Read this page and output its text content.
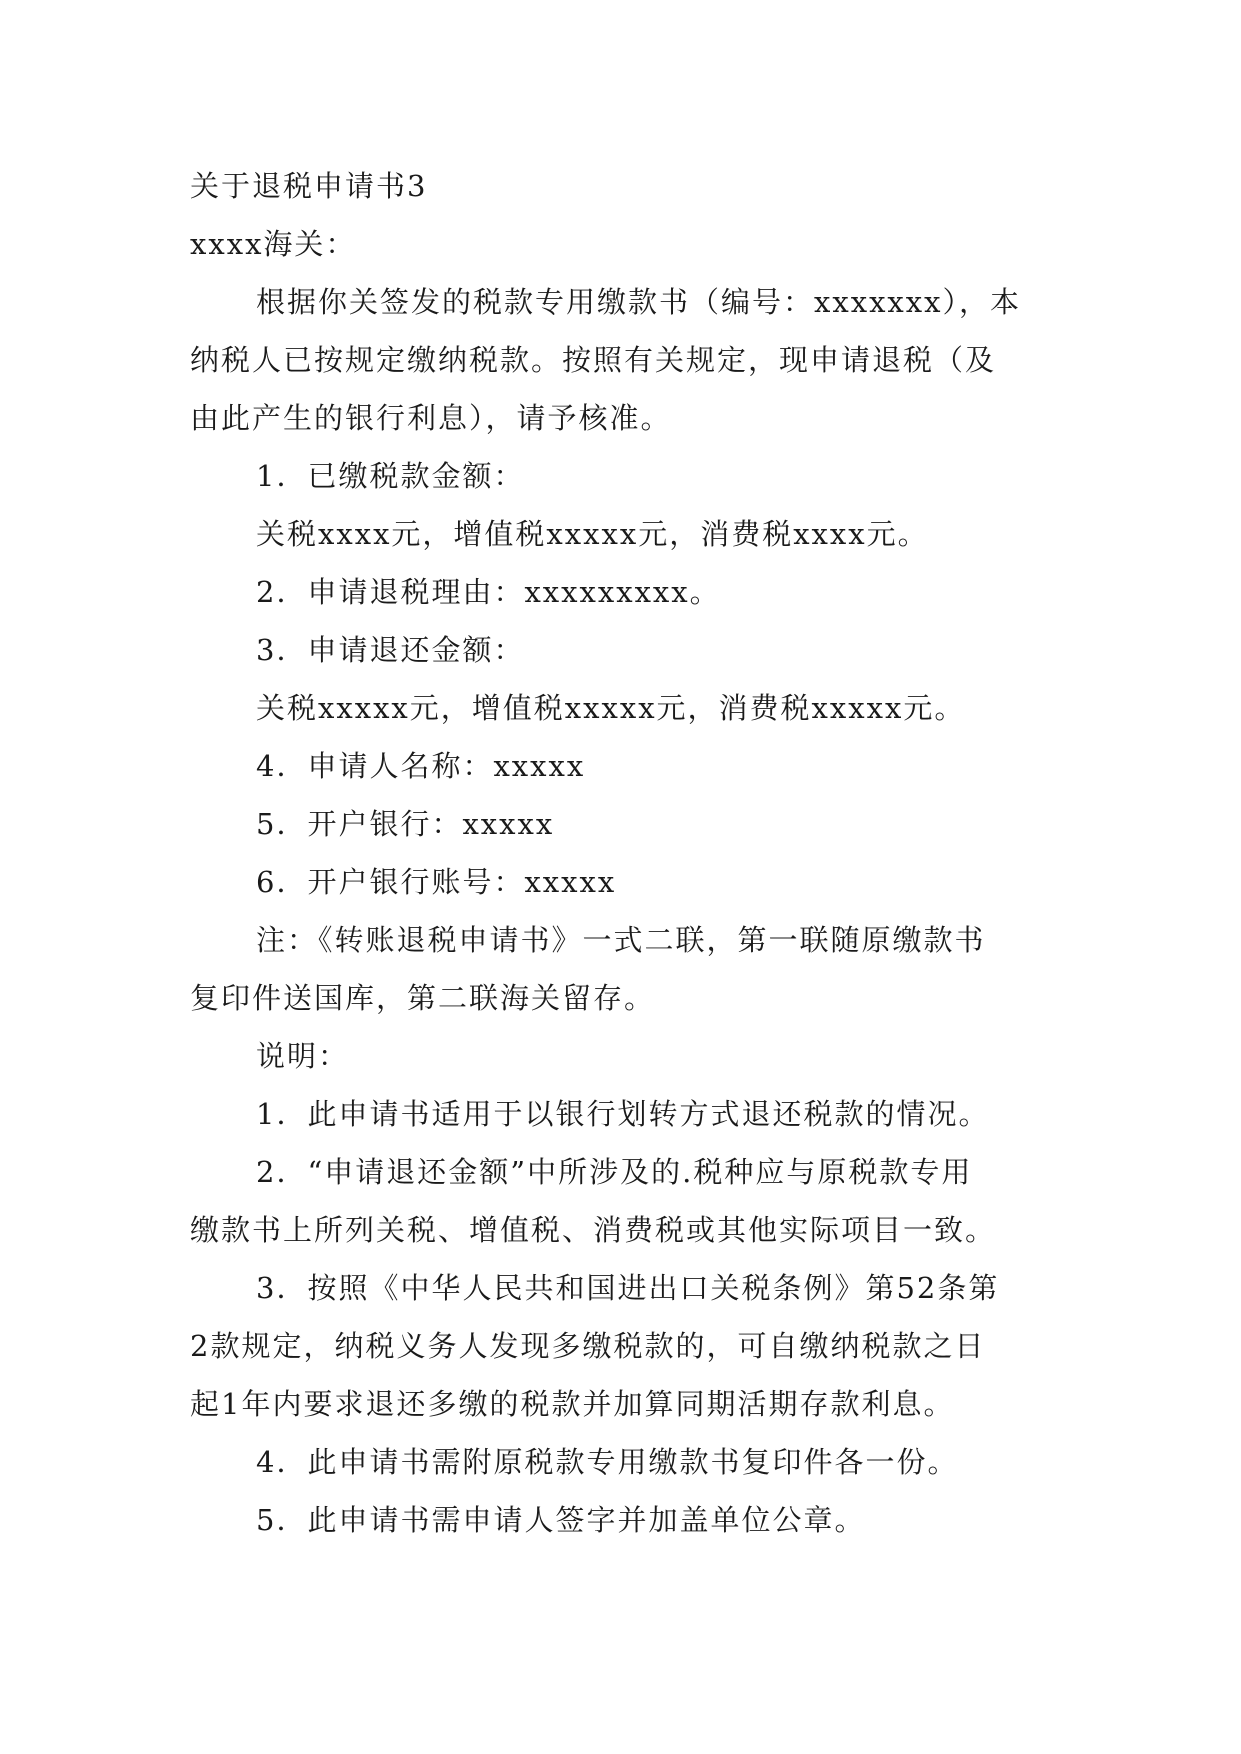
关于退税申请书3
xxxx海关：
根据你关签发的税款专用缴款书（编号：xxxxxxx），本
纳税人已按规定缴纳税款。按照有关规定，现申请退税（及
由此产生的银行利息），请予核准。
1．已缴税款金额：
关税xxxx元，增值税xxxxx元，消费税xxxx元。
2．申请退税理由：xxxxxxxxx。
3．申请退还金额：
关税xxxxx元，增值税xxxxx元，消费税xxxxx元。
4．申请人名称：xxxxx
5．开户银行：xxxxx
6．开户银行账号：xxxxx
注：《转账退税申请书》一式二联，第一联随原缴款书
复印件送国库，第二联海关留存。
说明：
1．此申请书适用于以银行划转方式退还税款的情况。
2．“申请退还金额”中所涉及的.税种应与原税款专用
缴款书上所列关税、增值税、消费税或其他实际项目一致。
3．按照《中华人民共和国进出口关税条例》第52条第
2款规定，纳税义务人发现多缴税款的，可自缴纳税款之日
起1年内要求退还多缴的税款并加算同期活期存款利息。
4．此申请书需附原税款专用缴款书复印件各一份。
5．此申请书需申请人签字并加盖单位公章。
